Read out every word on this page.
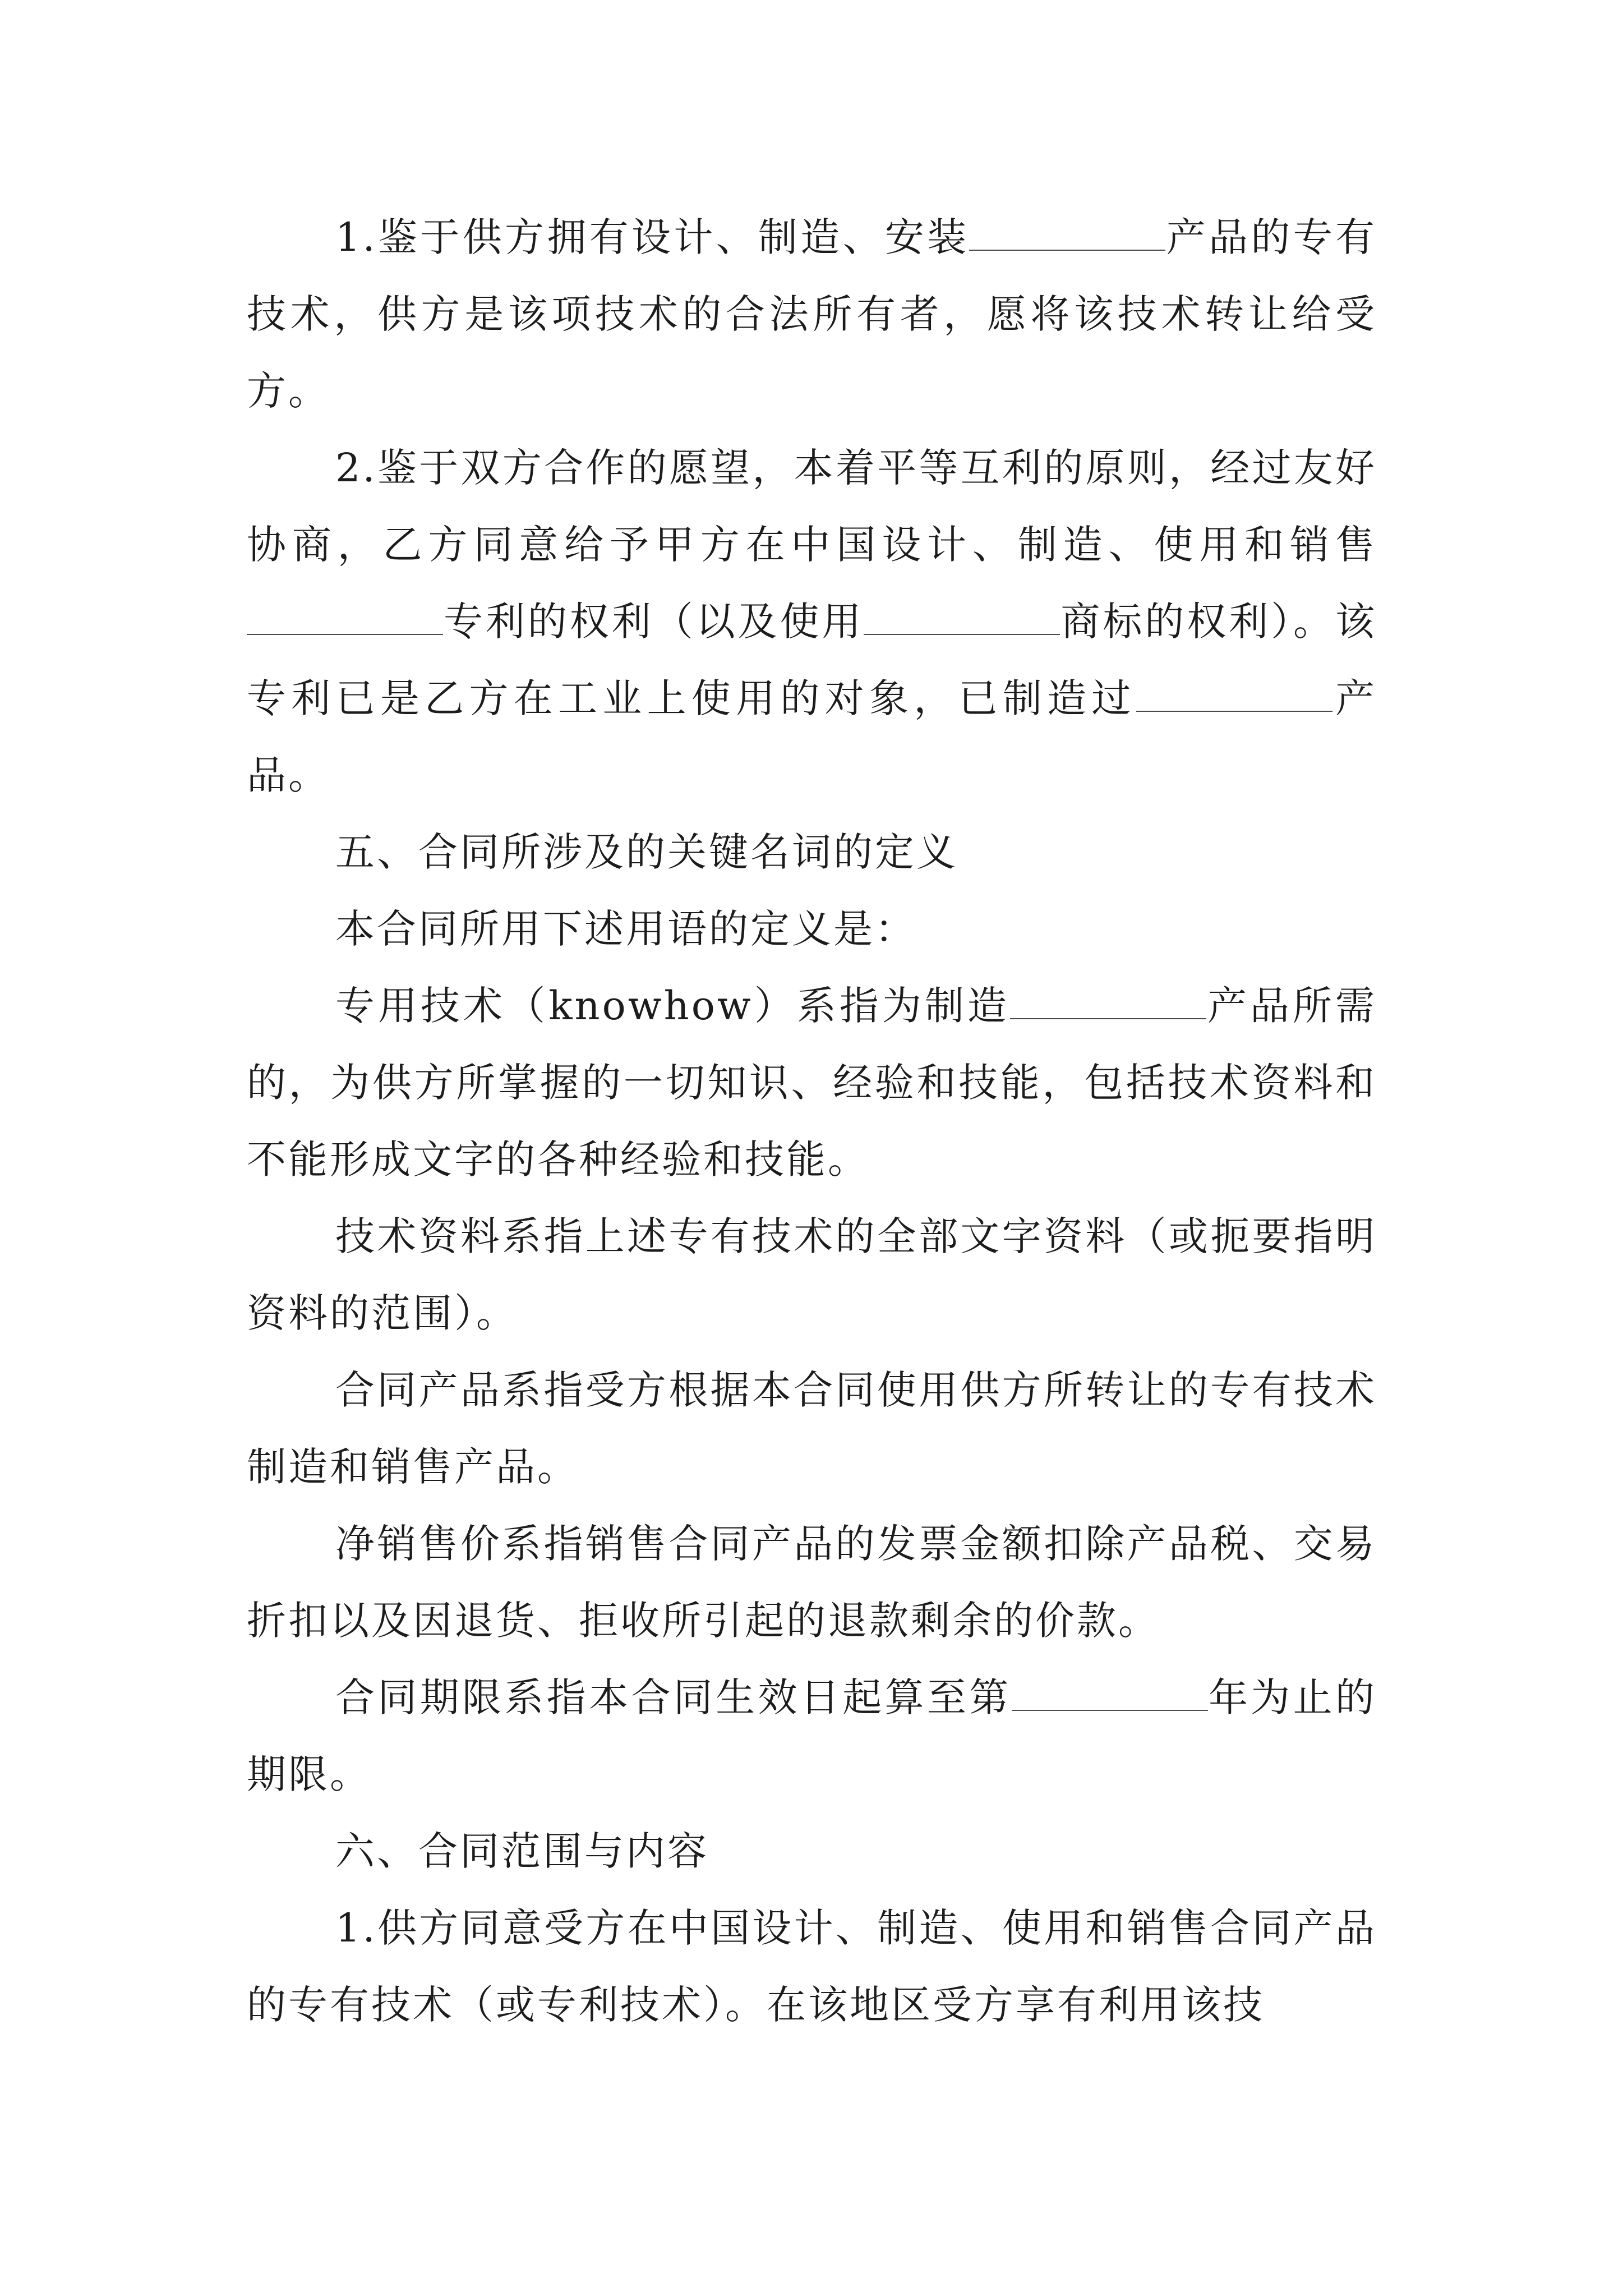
1.鉴于供方拥有设计、制造、安装	产品的专有技术，供方是该项技术的合法所有者，愿将该技术转让给受方。

2.鉴于双方合作的愿望，本着平等互利的原则，经过友好协商，乙方同意给予甲方在中国设计、制造、使用和销售专利的权利（以及使用	商标的权利）。该专利已是乙方在工业上使用的对象，已制造过	产品。

五、合同所涉及的关键名词的定义

本合同所用下述用语的定义是：

专用技术（knowhow）系指为制造	产品所需的，为供方所掌握的一切知识、经验和技能，包括技术资料和不能形成文字的各种经验和技能。

技术资料系指上述专有技术的全部文字资料（或扼要指明资料的范围）。

合同产品系指受方根据本合同使用供方所转让的专有技术制造和销售产品。

净销售价系指销售合同产品的发票金额扣除产品税、交易折扣以及因退货、拒收所引起的退款剩余的价款。

合同期限系指本合同生效日起算至第	年为止的期限。

六、合同范围与内容

1.供方同意受方在中国设计、制造、使用和销售合同产品的专有技术（或专利技术）。在该地区受方享有利用该技
